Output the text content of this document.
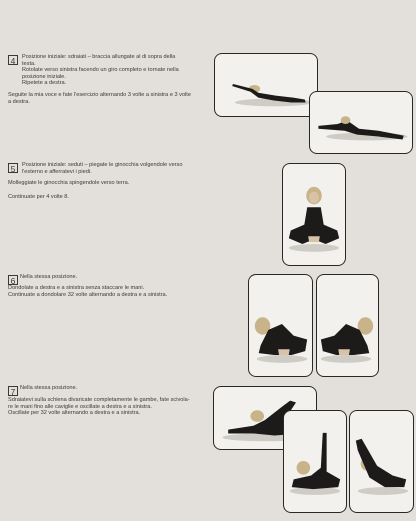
4	Posizione iniziale: sdraiati – braccia allungate al di sopra della
testa.
Rotolate verso sinistra facendo un giro completo e tornate nella
posizione iniziale.
Ripetete a destra.
Seguite la mia voce e fate l'esercizio alternando 3 volte a sinistra e 3 volte
a destra.
5	Posizione iniziale: seduti – piegate le ginocchia volgendole verso
l'esterno e afferratevi i piedi.
Molleggiate le ginocchia spingendole verso terra.
Continuate per 4 volte 8.
6 Nella stessa posizione.
Dondolate a destra e a sinistra senza staccare le mani.
Continuate a dondolare 32 volte alternando a destra e a sinistra.
7 Nella stessa posizione.
Sdraiatevi sulla schiena divaricate completamente le gambe, fate scivola-
re le mani fino alle caviglie e oscillate a destra e a sinistra.
Oscillate per 32 volte alternando a destra e a sinistra.
